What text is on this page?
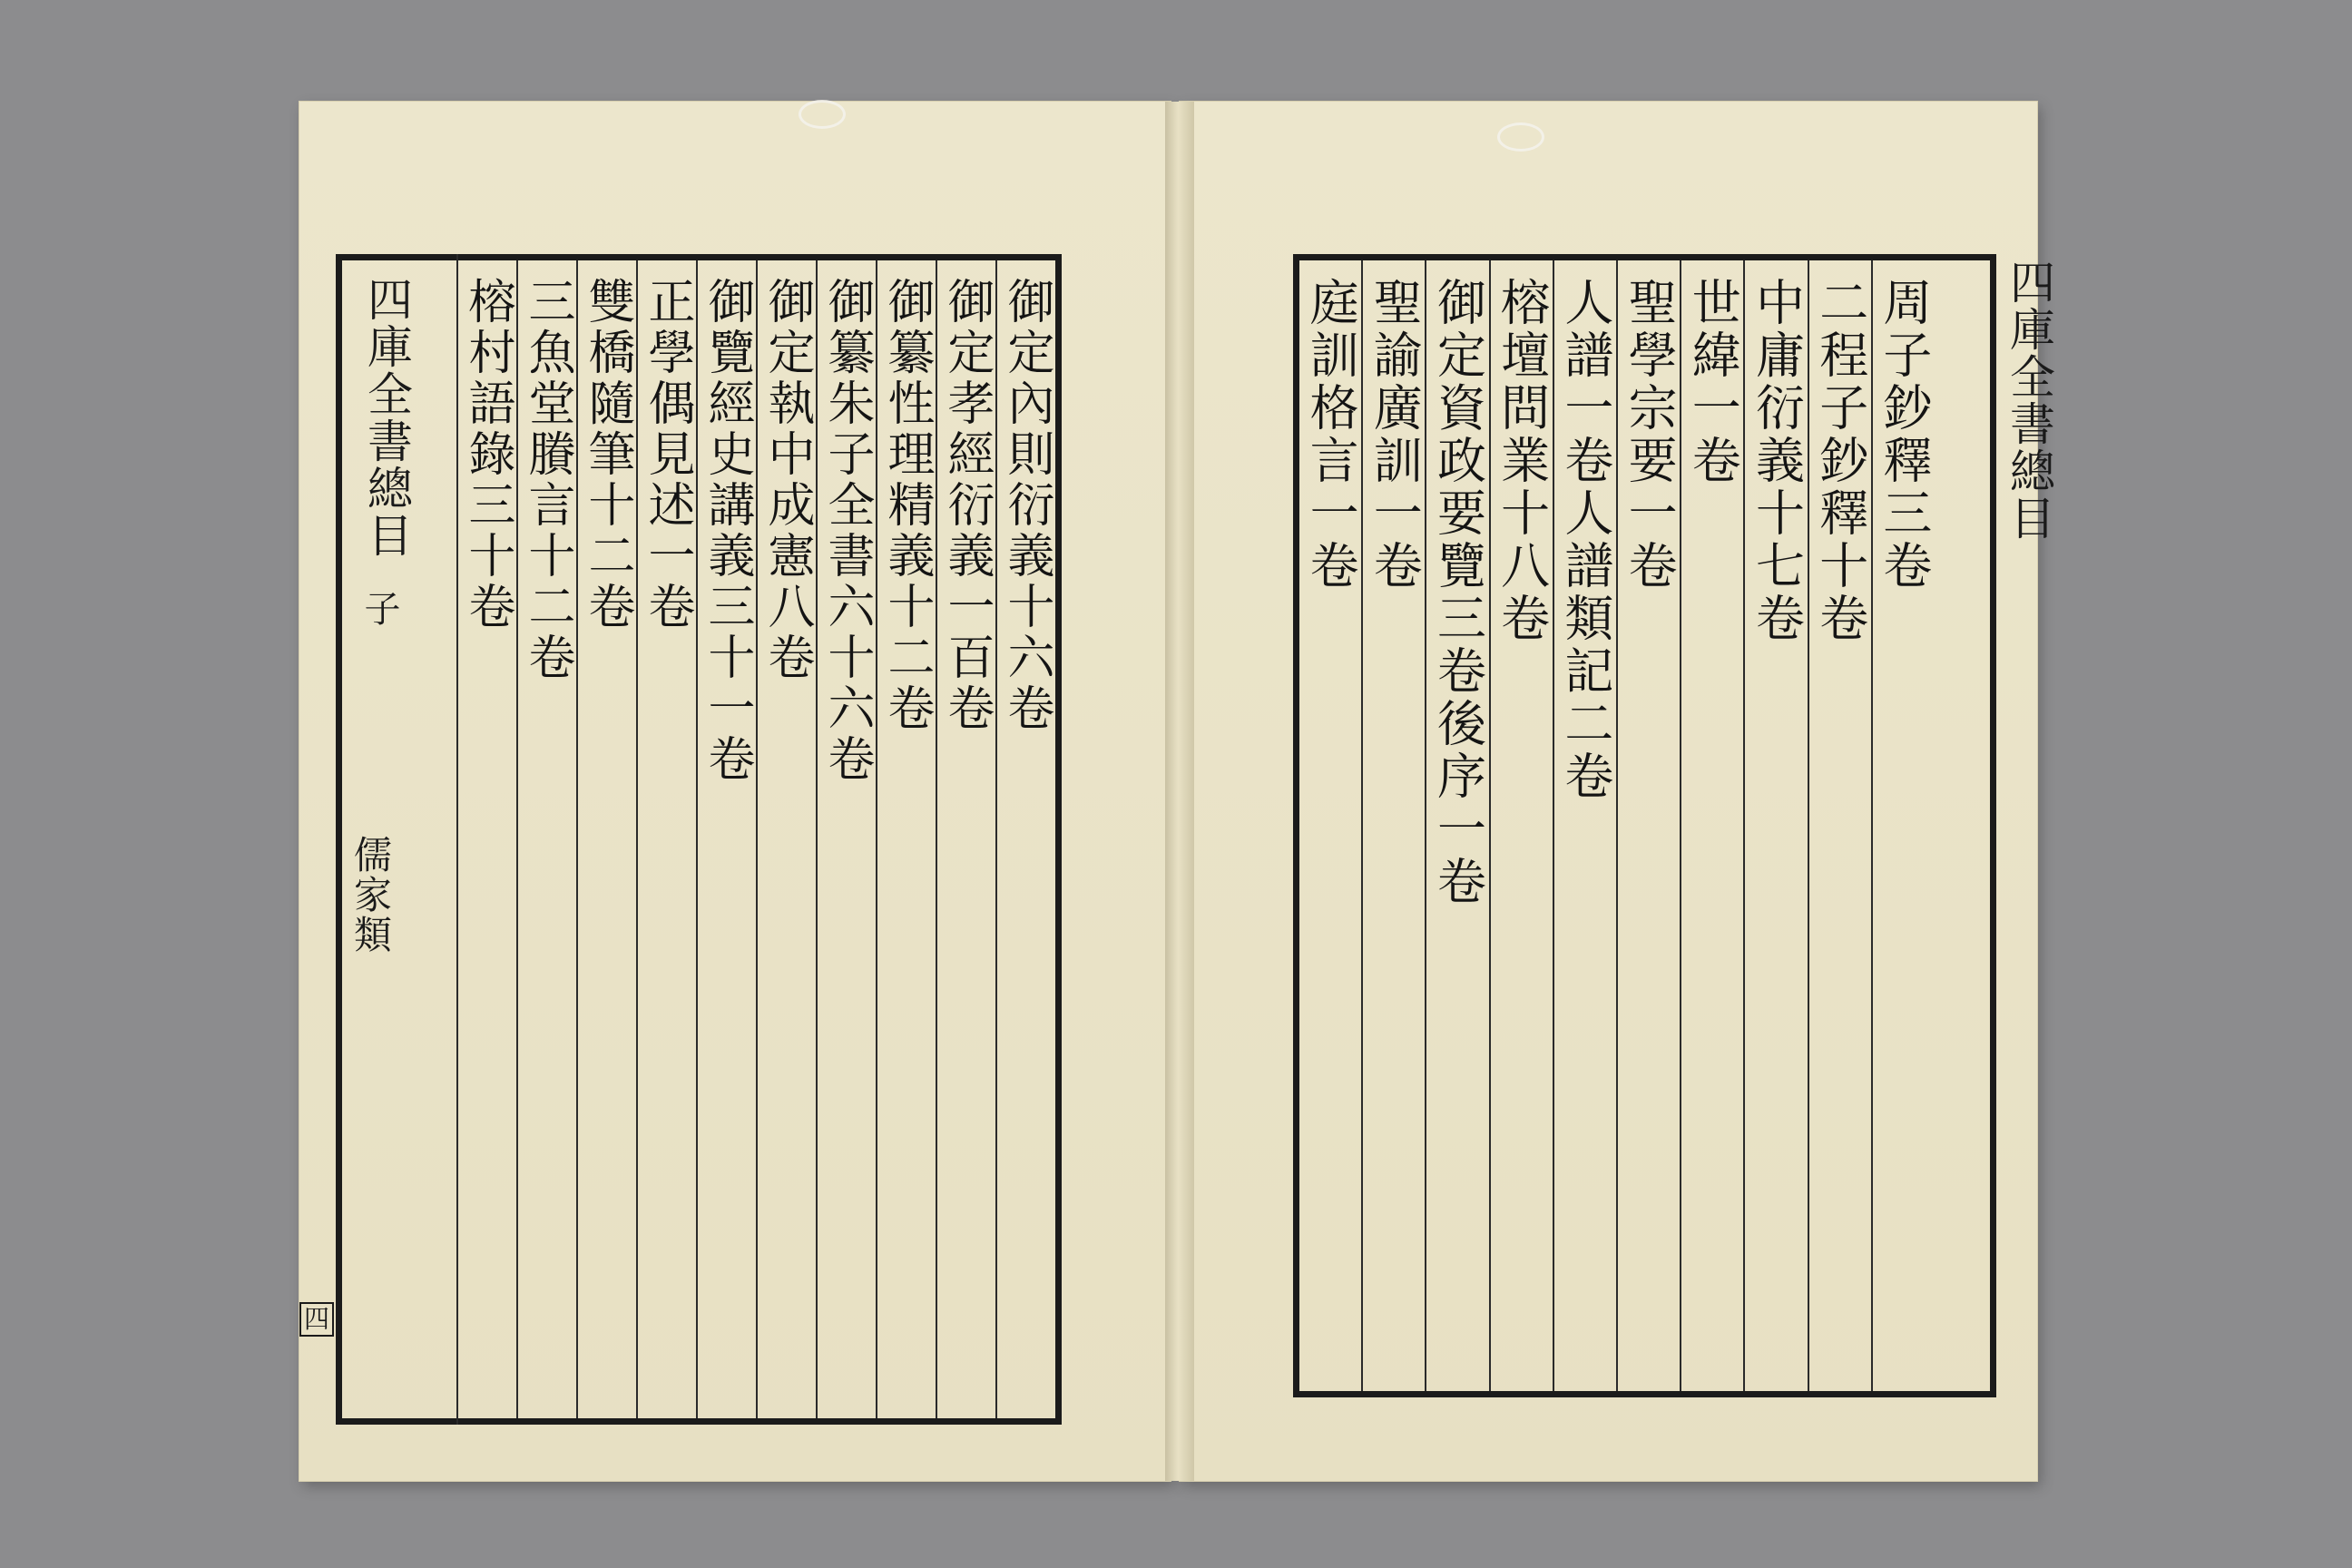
四庫全書總目
子
儒家類
四
御定內則衍義十六卷
御定孝經衍義一百卷
御纂性理精義十二卷
御纂朱子全書六十六卷
御定執中成憲八卷
御覽經史講義三十一卷
正學偶見述一卷
雙橋隨筆十二卷
三魚堂賸言十二卷
榕村語錄三十卷	四庫全書總目
周子鈔釋三卷
二程子鈔釋十卷
中庸衍義十七卷
世緯一卷
聖學宗要一卷
人譜一卷人譜類記二卷
榕壇問業十八卷
御定資政要覽三卷後序一卷
聖諭廣訓一卷
庭訓格言一卷
